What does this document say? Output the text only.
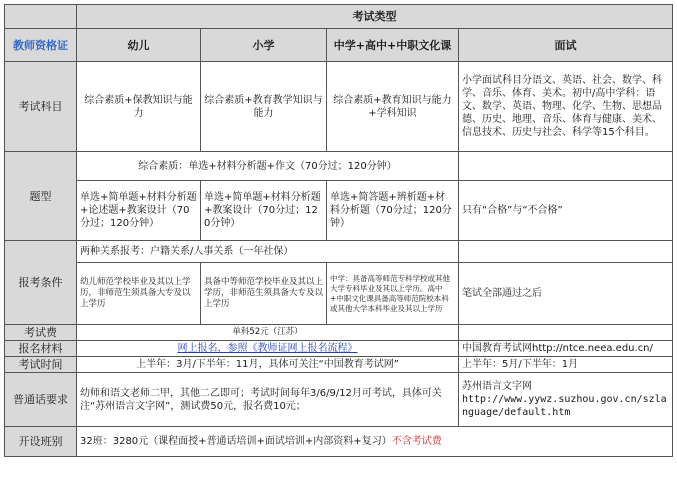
	考试类型			
教师资格证	幼儿	小学	中学+高中+中职文化课	面试
考试科目	综合素质+保教知识与能力	综合素质+教育教学知识与能力	综合素质+教育知识与能力+学科知识	小学面试科目分语文、英语、社会、数学、科学、音乐、体育、美术。初中/高中学科：语文、数学、英语、物理、化学、生物、思想品德、历史、地理、音乐、体育与健康、美术、信息技术、历史与社会、科学等15个科目。
题型	综合素质：单选+材料分析题+作文（70分过；120分钟）			
	单选+简单题+材料分析题+论述题+教案设计（70分过；120分钟）	单选+简单题+材料分析题+教案设计（70分过；120分钟）	单选+简答题+辨析题+材料分析题（70分过；120分钟）	只有“合格”与“不合格”
报考条件	两种关系报考：户籍关系/人事关系（一年社保）			
	幼儿师范学校毕业及其以上学历，非师范生须具备大专及以上学历	具备中等师范学校毕业及其以上学历，非师范生须具备大专及以上学历	中学：具备高等师范专科学校或其他大学专科毕业及其以上学历。高中+中职文化课具备高等师范院校本科或其他大学本科毕业及其以上学历	笔试全部通过之后
考试费	单科52元（江苏）			
报名材料	网上报名，参照《教师证网上报名流程》			中国教育考试网http://ntce.neea.edu.cn/
考试时间	上半年：3月/下半年：11月，具体可关注“中国教育考试网”			上半年：5月/下半年：1月
普通话要求	幼师和语文老师二甲，其他二乙即可；考试时间每年3/6/9/12月可考试，具体可关注“苏州语言文字网”，测试费50元，报名费10元；			苏州语言文字网
http://www.yywz.suzhou.gov.cn/szlanguage/default.htm

开设班别	32班：3280元（课程面授+普通话培训+面试培训+内部资料+复习）不含考试费			
